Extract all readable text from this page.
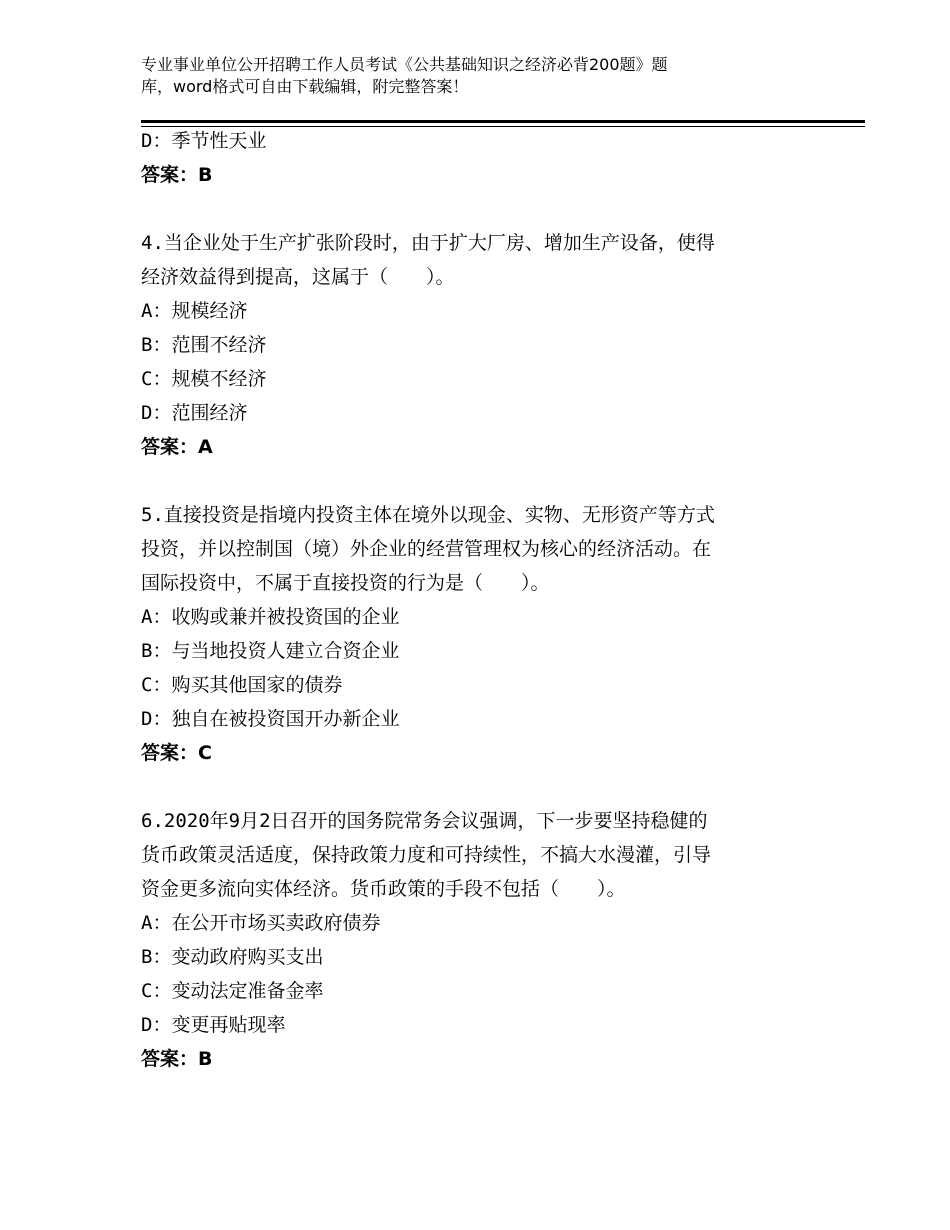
专业事业单位公开招聘工作人员考试《公共基础知识之经济必背200题》题
库，word格式可自由下载编辑，附完整答案！
D：季节性天业
答案：B
4.当企业处于生产扩张阶段时，由于扩大厂房、增加生产设备，使得
经济效益得到提高，这属于（　　）。
A：规模经济
B：范围不经济
C：规模不经济
D：范围经济
答案：A
5.直接投资是指境内投资主体在境外以现金、实物、无形资产等方式
投资，并以控制国（境）外企业的经营管理权为核心的经济活动。在
国际投资中，不属于直接投资的行为是（　　）。
A：收购或兼并被投资国的企业
B：与当地投资人建立合资企业
C：购买其他国家的债券
D：独自在被投资国开办新企业
答案：C
6.2020年9月2日召开的国务院常务会议强调，下一步要坚持稳健的
货币政策灵活适度，保持政策力度和可持续性，不搞大水漫灌，引导
资金更多流向实体经济。货币政策的手段不包括（　　）。
A：在公开市场买卖政府债券
B：变动政府购买支出
C：变动法定准备金率
D：变更再贴现率
答案：B
